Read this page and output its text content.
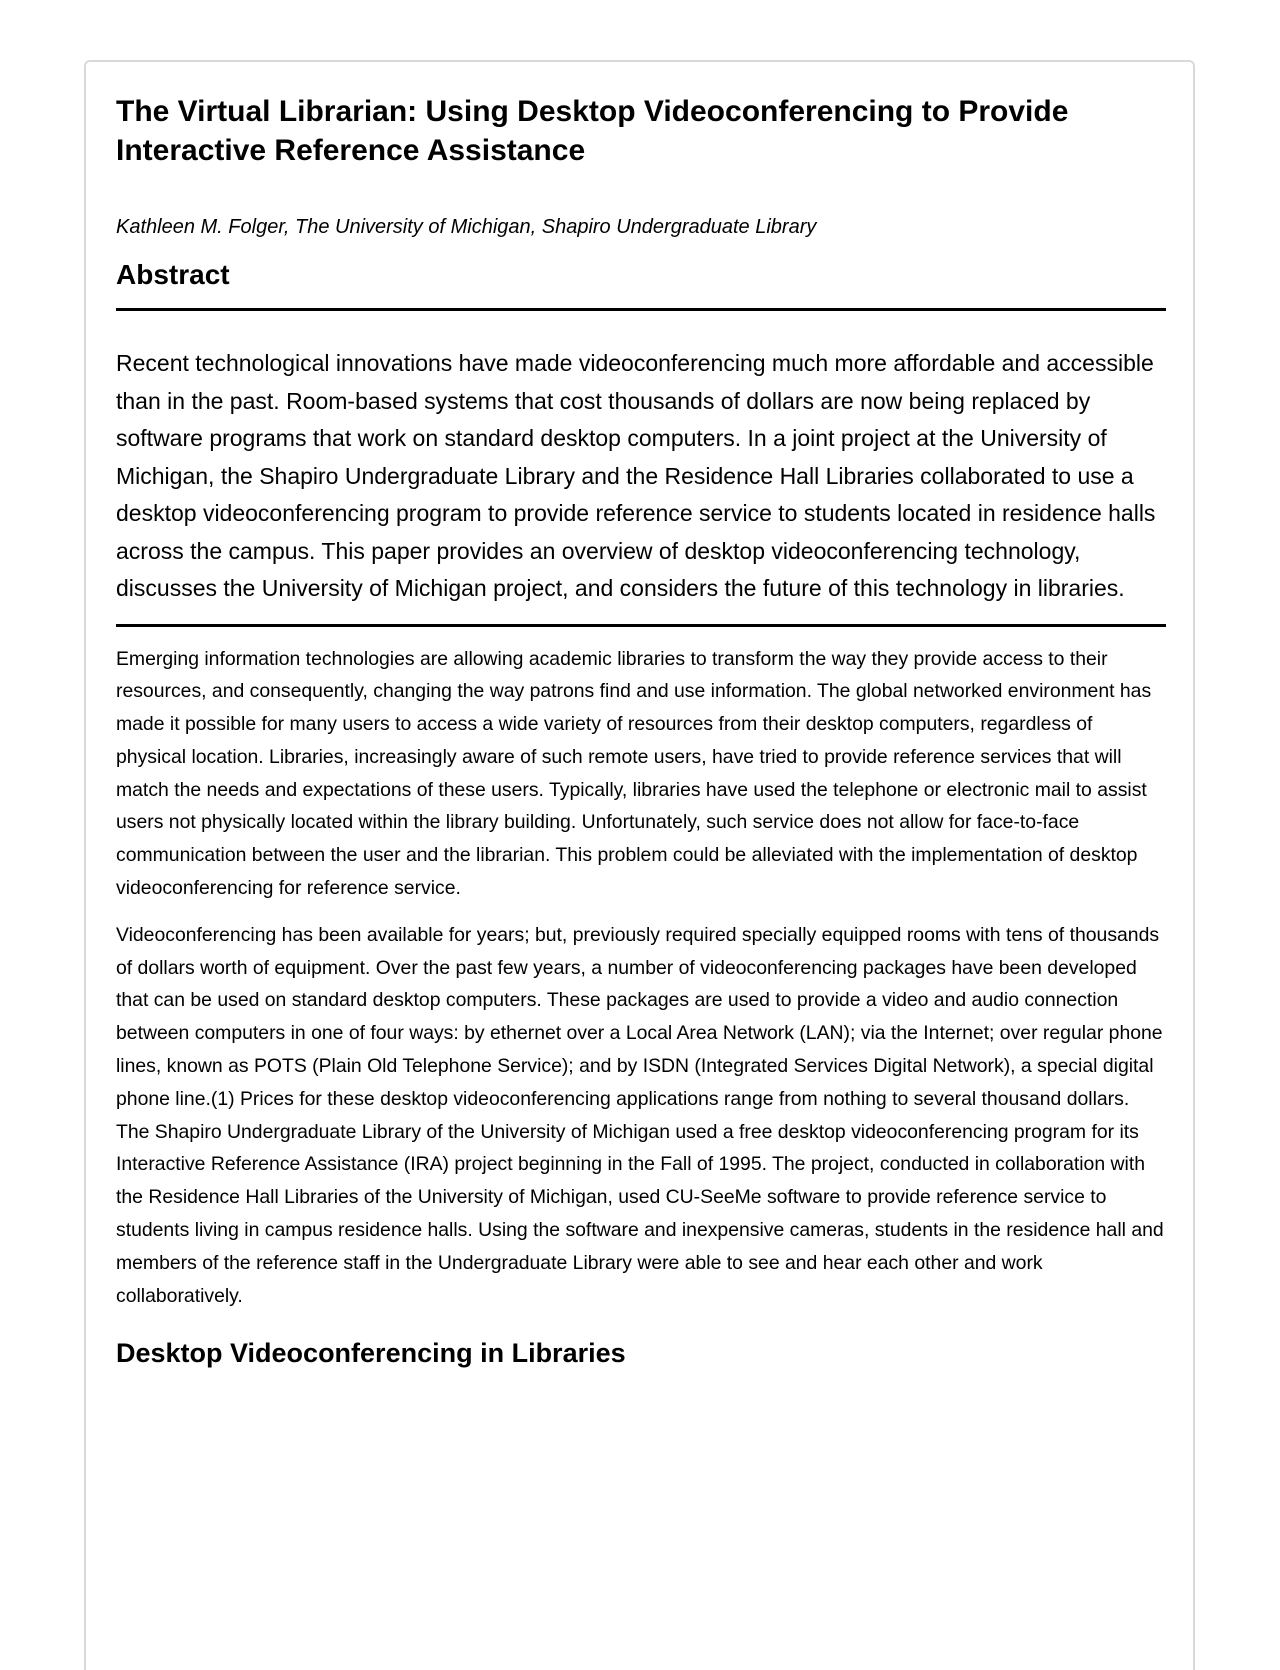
The Virtual Librarian: Using Desktop Videoconferencing to Provide Interactive Reference Assistance

Kathleen M. Folger, The University of Michigan, Shapiro Undergraduate Library

Abstract

Recent technological innovations have made videoconferencing much more affordable and accessible than in the past. Room-based systems that cost thousands of dollars are now being replaced by software programs that work on standard desktop computers. In a joint project at the University of Michigan, the Shapiro Undergraduate Library and the Residence Hall Libraries collaborated to use a desktop videoconferencing program to provide reference service to students located in residence halls across the campus. This paper provides an overview of desktop videoconferencing technology, discusses the University of Michigan project, and considers the future of this technology in libraries.

Emerging information technologies are allowing academic libraries to transform the way they provide access to their resources, and consequently, changing the way patrons find and use information. The global networked environment has made it possible for many users to access a wide variety of resources from their desktop computers, regardless of physical location. Libraries, increasingly aware of such remote users, have tried to provide reference services that will match the needs and expectations of these users. Typically, libraries have used the telephone or electronic mail to assist users not physically located within the library building. Unfortunately, such service does not allow for face-to-face communication between the user and the librarian. This problem could be alleviated with the implementation of desktop videoconferencing for reference service.

Videoconferencing has been available for years; but, previously required specially equipped rooms with tens of thousands of dollars worth of equipment. Over the past few years, a number of videoconferencing packages have been developed that can be used on standard desktop computers. These packages are used to provide a video and audio connection between computers in one of four ways: by ethernet over a Local Area Network (LAN); via the Internet; over regular phone lines, known as POTS (Plain Old Telephone Service); and by ISDN (Integrated Services Digital Network), a special digital phone line.(1) Prices for these desktop videoconferencing applications range from nothing to several thousand dollars. The Shapiro Undergraduate Library of the University of Michigan used a free desktop videoconferencing program for its Interactive Reference Assistance (IRA) project beginning in the Fall of 1995. The project, conducted in collaboration with the Residence Hall Libraries of the University of Michigan, used CU-SeeMe software to provide reference service to students living in campus residence halls. Using the software and inexpensive cameras, students in the residence hall and members of the reference staff in the Undergraduate Library were able to see and hear each other and work collaboratively.

Desktop Videoconferencing in Libraries
